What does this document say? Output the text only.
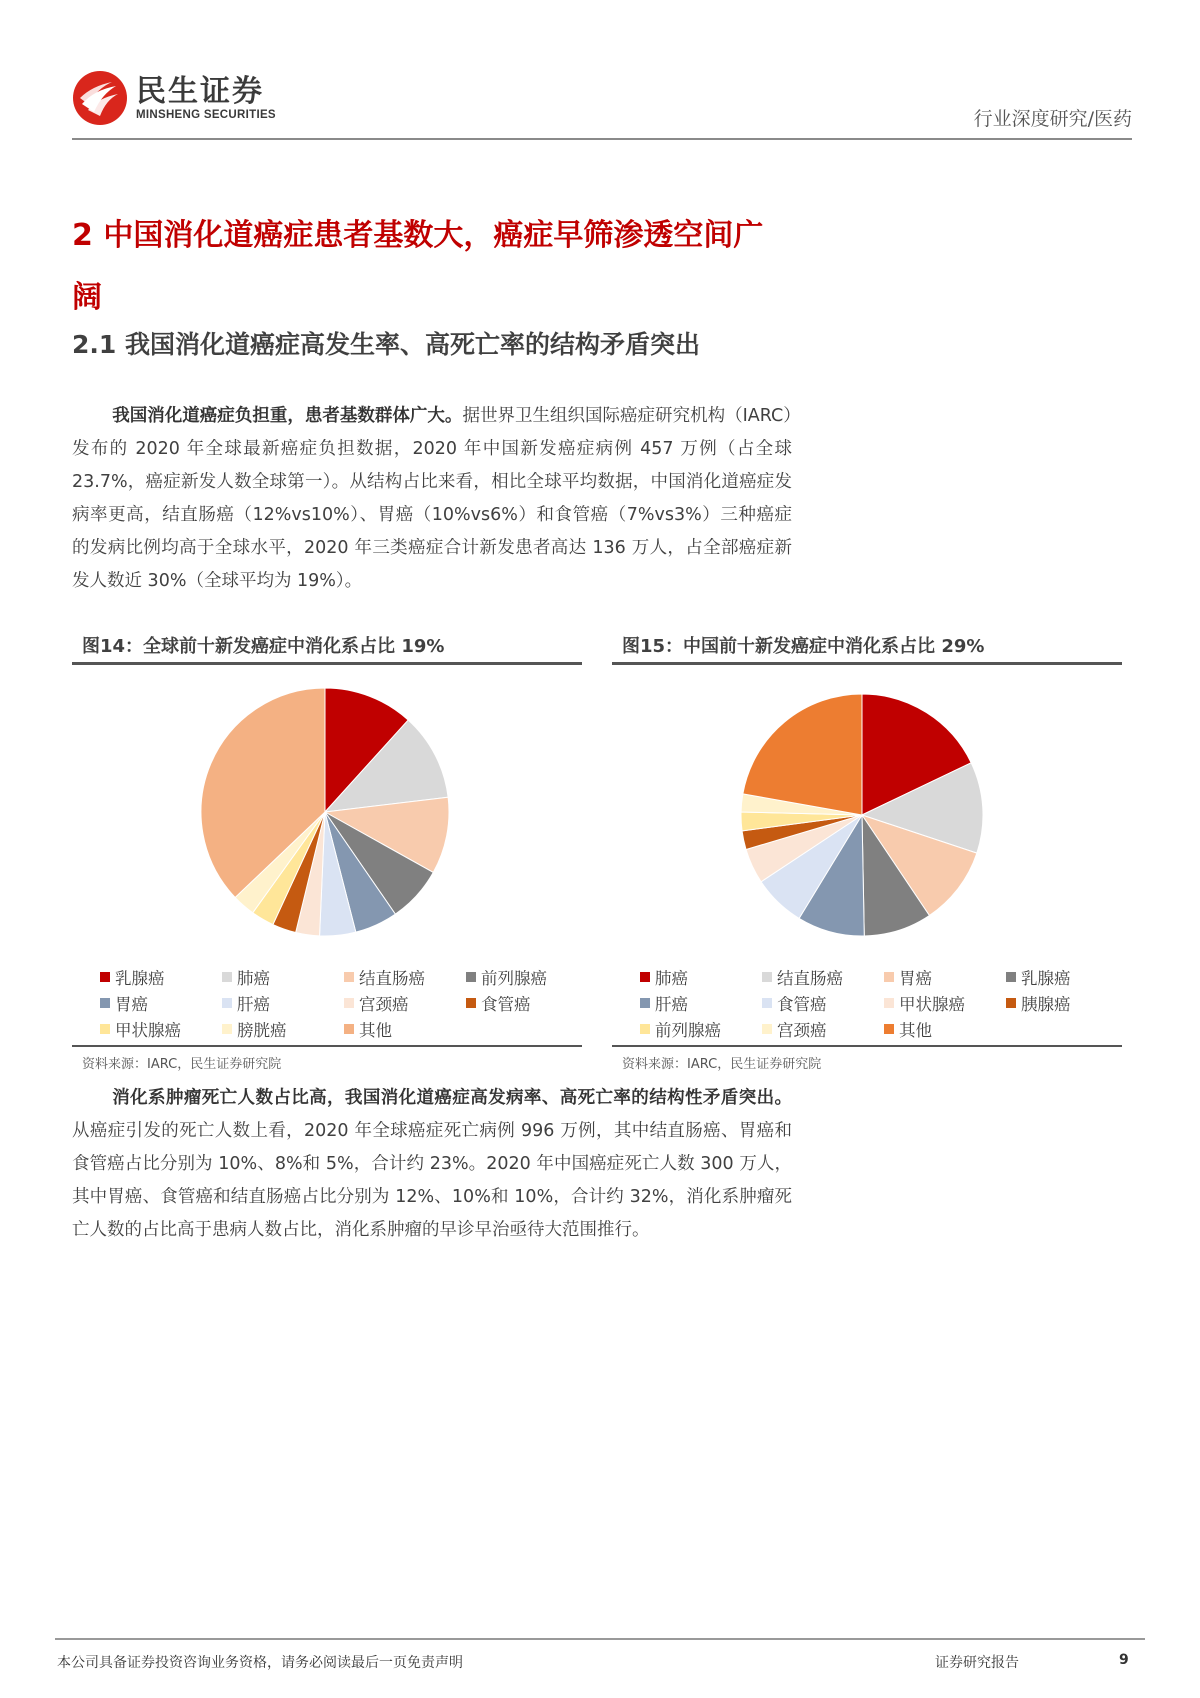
民生证券
MINSHENG SECURITIES	行业深度研究/医药
2 中国消化道癌症患者基数大，癌症早筛渗透空间广阔
2.1 我国消化道癌症高发生率、高死亡率的结构矛盾突出
我国消化道癌症负担重，患者基数群体广大。据世界卫生组织国际癌症研究机构（IARC）发布的 2020 年全球最新癌症负担数据，2020 年中国新发癌症病例 457 万例（占全球 23.7%，癌症新发人数全球第一）。从结构占比来看，相比全球平均数据，中国消化道癌症发病率更高，结直肠癌（12%vs10%）、胃癌（10%vs6%）和食管癌（7%vs3%）三种癌症的发病比例均高于全球水平，2020 年三类癌症合计新发患者高达 136 万人，占全部癌症新发人数近 30%（全球平均为 19%）。
图14：全球前十新发癌症中消化系占比 19%
乳腺癌	肺癌	结直肠癌	前列腺癌
胃癌	肝癌	宫颈癌	食管癌
甲状腺癌	膀胱癌	其他
资料来源：IARC，民生证券研究院
图15：中国前十新发癌症中消化系占比 29%
肺癌	结直肠癌	胃癌	乳腺癌
肝癌	食管癌	甲状腺癌	胰腺癌
前列腺癌	宫颈癌	其他
资料来源：IARC，民生证券研究院
消化系肿瘤死亡人数占比高，我国消化道癌症高发病率、高死亡率的结构性矛盾突出。从癌症引发的死亡人数上看，2020 年全球癌症死亡病例 996 万例，其中结直肠癌、胃癌和食管癌占比分别为 10%、8%和 5%，合计约 23%。2020 年中国癌症死亡人数 300 万人，其中胃癌、食管癌和结直肠癌占比分别为 12%、10%和 10%，合计约 32%，消化系肿瘤死亡人数的占比高于患病人数占比，消化系肿瘤的早诊早治亟待大范围推行。
本公司具备证券投资咨询业务资格，请务必阅读最后一页免责声明	证券研究报告	9
